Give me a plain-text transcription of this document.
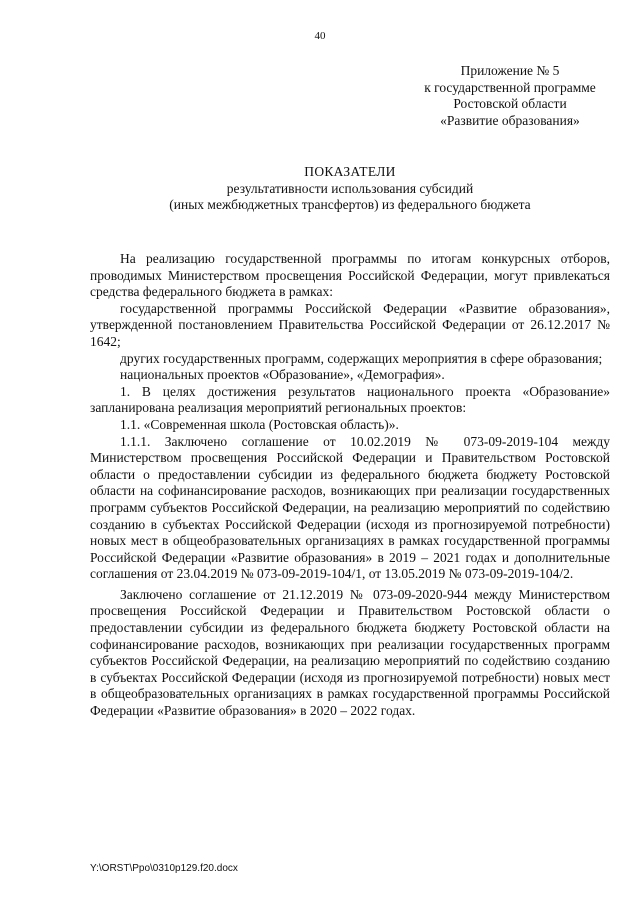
40
Приложение № 5
к государственной программе
Ростовской области
«Развитие образования»
ПОКАЗАТЕЛИ
результативности использования субсидий
(иных межбюджетных трансфертов) из федерального бюджета

На реализацию государственной программы по итогам конкурсных отборов, проводимых Министерством просвещения Российской Федерации, могут привлекаться средства федерального бюджета в рамках:

государственной программы Российской Федерации «Развитие образования», утвержденной постановлением Правительства Российской Федерации от 26.12.2017 № 1642;

других государственных программ, содержащих мероприятия в сфере образования;

национальных проектов «Образование», «Демография».

1. В целях достижения результатов национального проекта «Образование» запланирована реализация мероприятий региональных проектов:

1.1. «Современная школа (Ростовская область)».

1.1.1. Заключено соглашение от 10.02.2019 № 073-09-2019-104 между Министерством просвещения Российской Федерации и Правительством Ростовской области о предоставлении субсидии из федерального бюджета бюджету Ростовской области на софинансирование расходов, возникающих при реализации государственных программ субъектов Российской Федерации, на реализацию мероприятий по содействию созданию в субъектах Российской Федерации (исходя из прогнозируемой потребности) новых мест в общеобразовательных организациях в рамках государственной программы Российской Федерации «Развитие образования» в 2019 – 2021 годах и дополнительные соглашения от 23.04.2019 № 073-09-2019-104/1, от 13.05.2019 № 073-09-2019-104/2.

Заключено соглашение от 21.12.2019 № 073-09-2020-944 между Министерством просвещения Российской Федерации и Правительством Ростовской области о предоставлении субсидии из федерального бюджета бюджету Ростовской области на софинансирование расходов, возникающих при реализации государственных программ субъектов Российской Федерации, на реализацию мероприятий по содействию созданию в субъектах Российской Федерации (исходя из прогнозируемой потребности) новых мест в общеобразовательных организациях в рамках государственной программы Российской Федерации «Развитие образования» в 2020 – 2022 годах.

Y:\ORST\Ppo\0310p129.f20.docx
